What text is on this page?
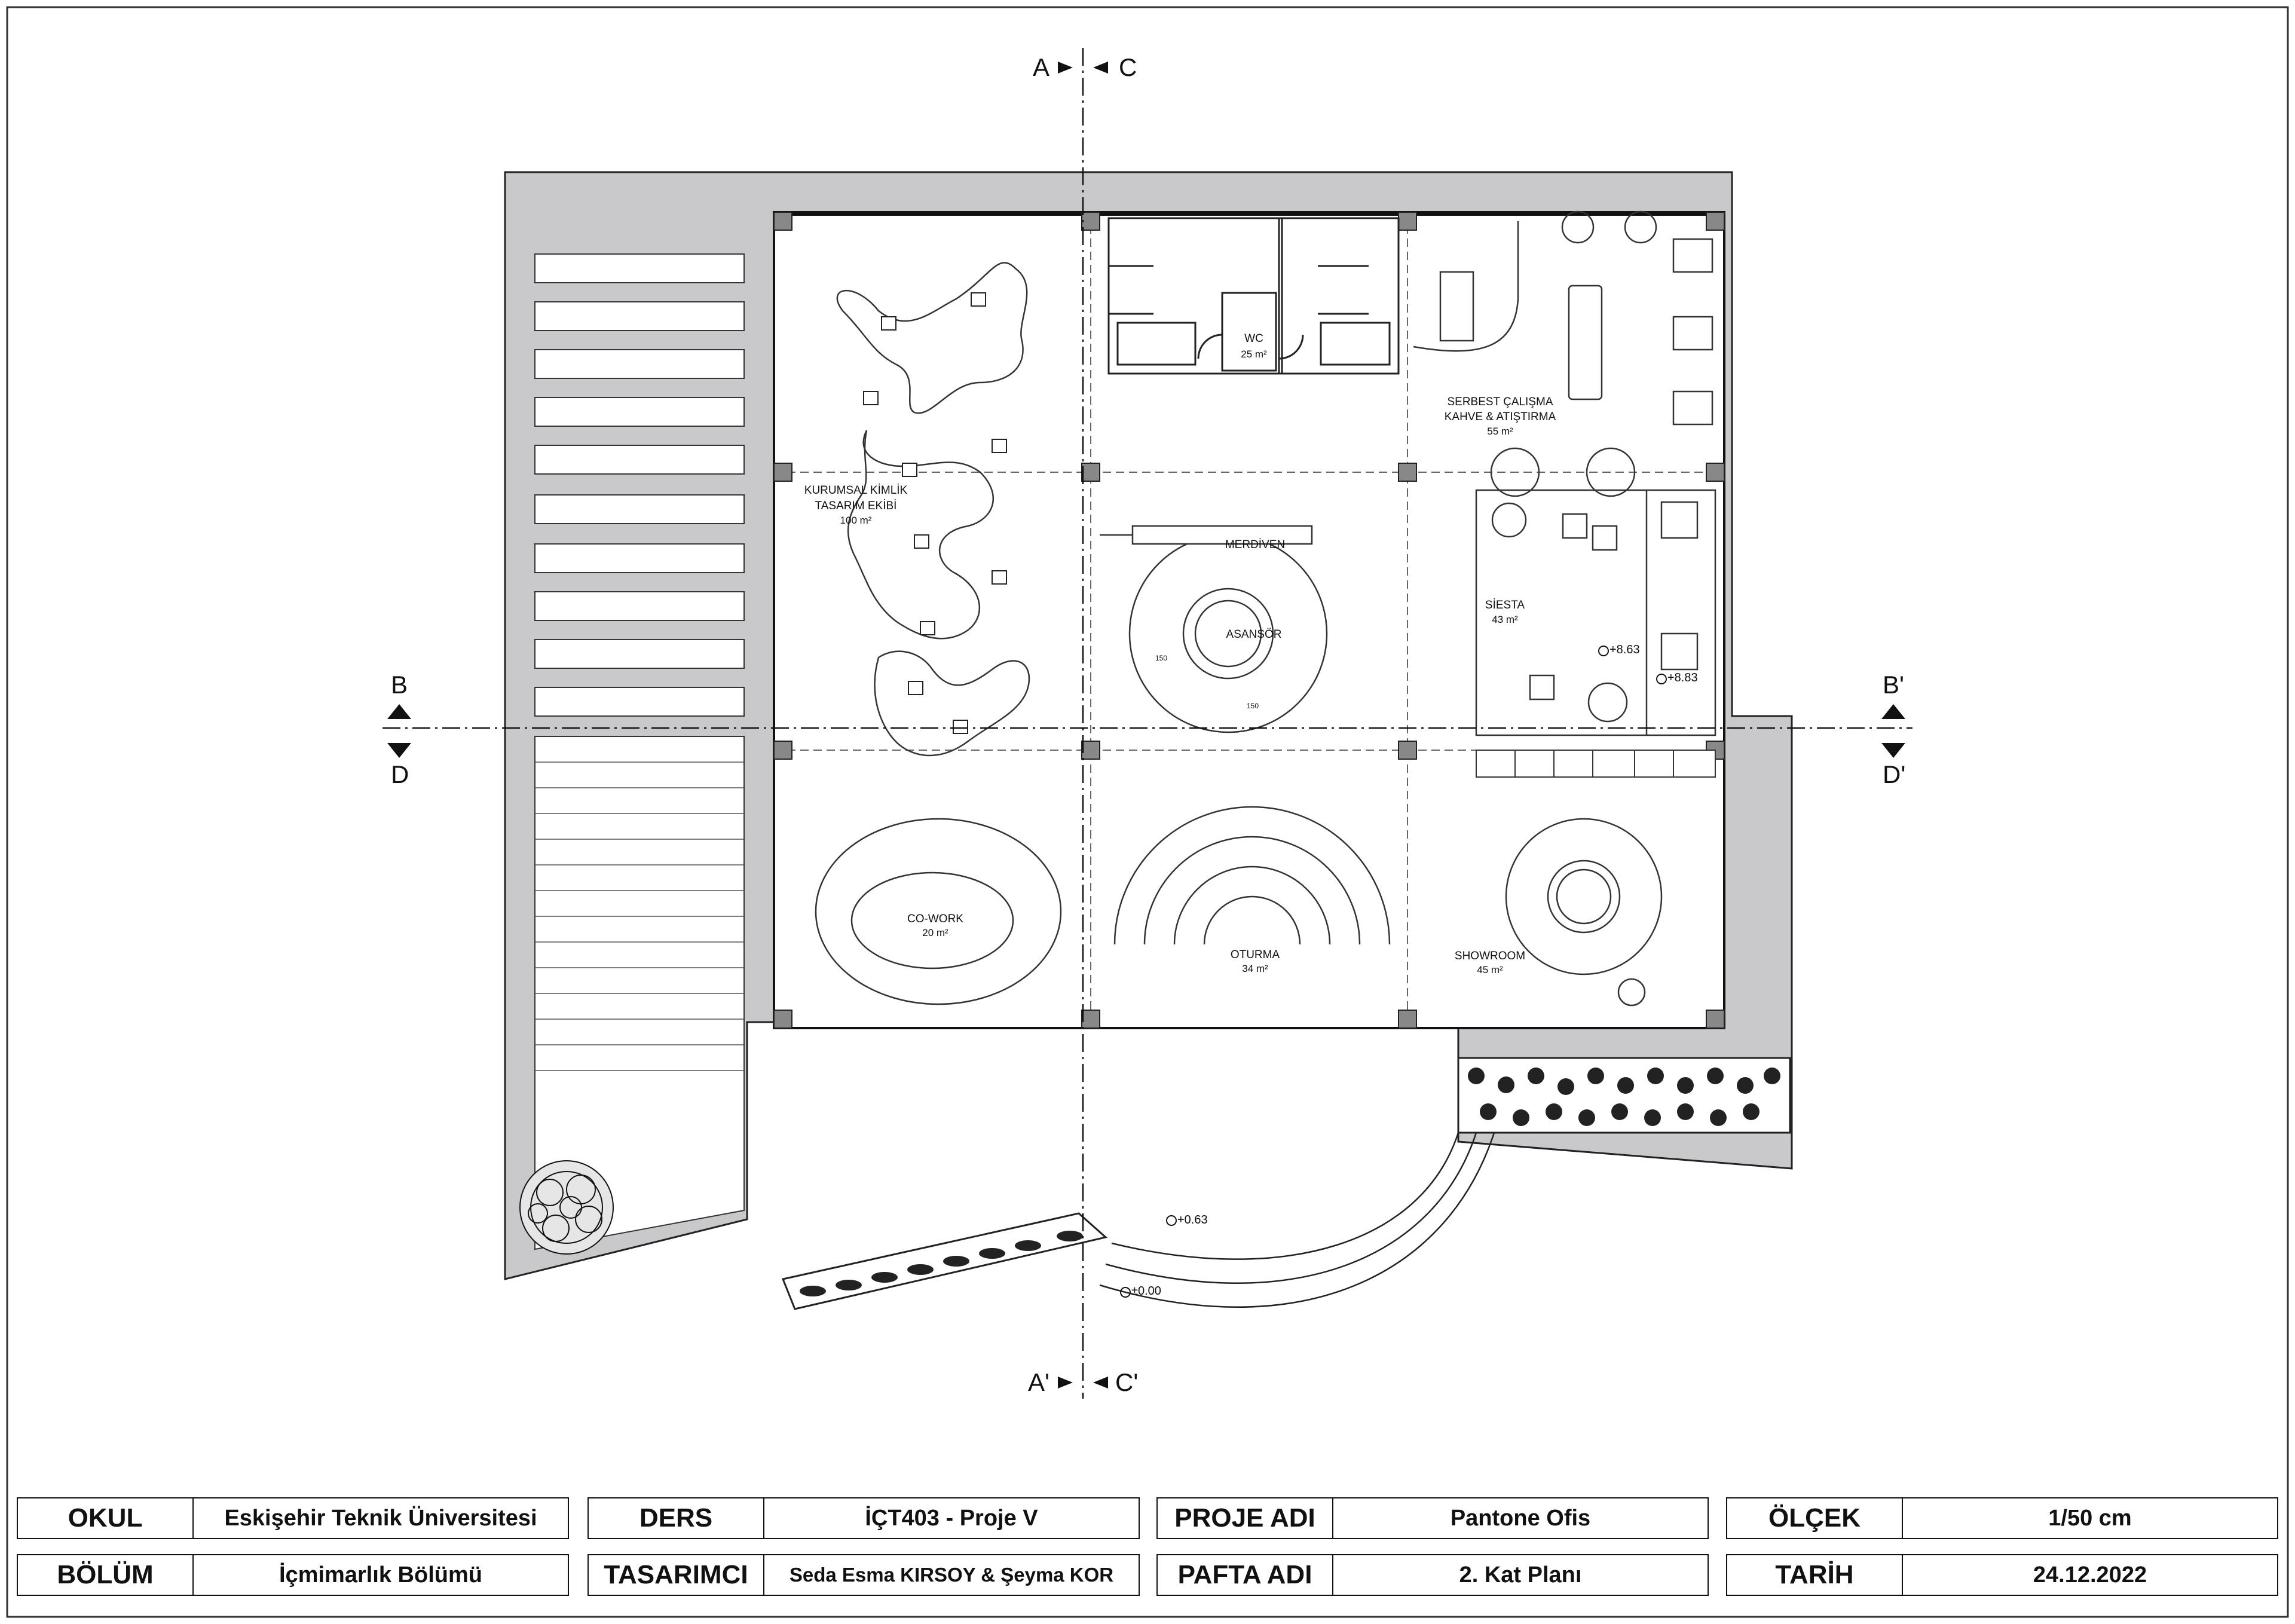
A	C
A'	C'
B
D
B'
D'
WC
25 m²
KURUMSAL KİMLİK
TASARIM EKİBİ
100 m²
SERBEST ÇALIŞMA
KAHVE & ATIŞTIRMA
55 m²
MERDİVEN
ASANSÖR
SİESTA
43 m²
CO-WORK
20 m²
OTURMA
34 m²
SHOWROOM
45 m²
+8.63
+8.83
+0.63
±0.00
150
150
OKUL	Eskişehir Teknik Üniversitesi	DERS	İÇT403 - Proje V	PROJE ADI	Pantone Ofis	ÖLÇEK	1/50 cm
BÖLÜM	İçmimarlık Bölümü	TASARIMCI	Seda Esma KIRSOY & Şeyma KOR	PAFTA ADI	2. Kat Planı	TARİH	24.12.2022
